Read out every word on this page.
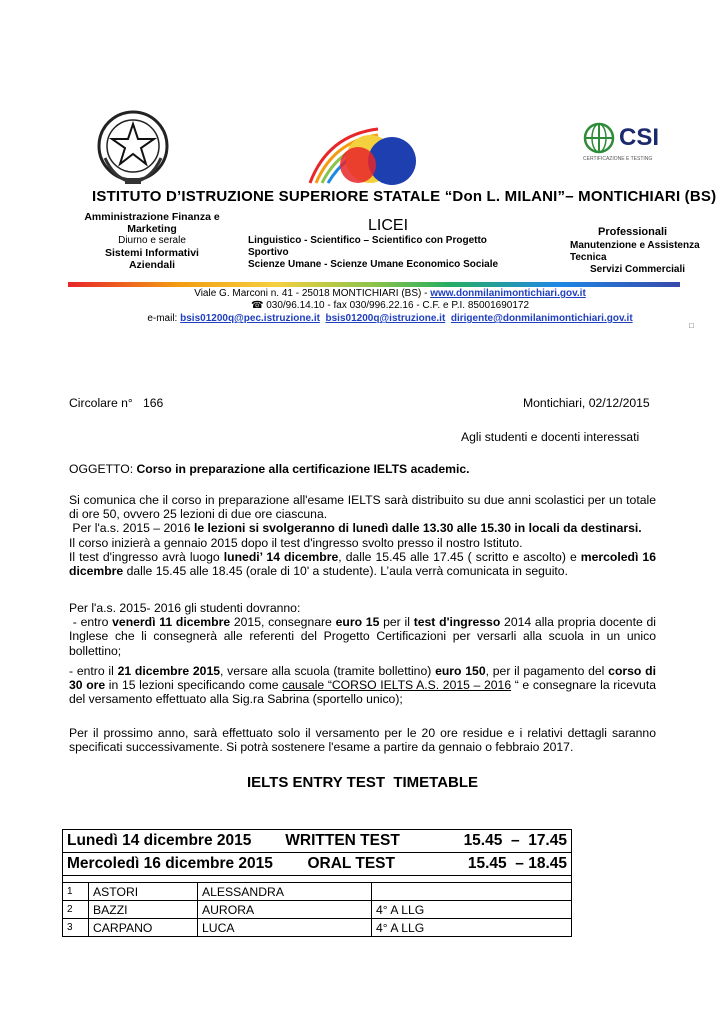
CSI
CERTIFICAZIONE E TESTING
ISTITUTO D’ISTRUZIONE SUPERIORE STATALE “Don L. MILANI”– MONTICHIARI (BS)
Amministrazione Finanza e
Marketing
Diurno e serale
Sistemi Informativi
Aziendali
LICEI
Linguistico - Scientifico – Scientifico con Progetto Sportivo
Scienze Umane - Scienze Umane Economico Sociale
Professionali
Manutenzione e Assistenza Tecnica
Servizi Commerciali
Viale G. Marconi n. 41 - 25018 MONTICHIARI (BS) - www.donmilanimontichiari.gov.it
☎ 030/96.14.10 - fax 030/996.22.16 - C.F. e P.I. 85001690172
e-mail: bsis01200q@pec.istruzione.it bsis01200q@istruzione.it dirigente@donmilanimontichiari.gov.it
□
Circolare n°   166	Montichiari, 02/12/2015
Agli studenti e docenti interessati
OGGETTO: Corso in preparazione alla certificazione IELTS academic.
Si comunica che il corso in preparazione all'esame IELTS sarà distribuito su due anni scolastici per un totale di ore 50, ovvero 25 lezioni di due ore ciascuna.
Per l'a.s. 2015 – 2016 le lezioni si svolgeranno di lunedì dalle 13.30 alle 15.30 in locali da destinarsi.
Il corso inizierà a gennaio 2015 dopo il test d'ingresso svolto presso il nostro Istituto.
Il test d'ingresso avrà luogo lunedi’ 14 dicembre, dalle 15.45 alle 17.45 ( scritto e ascolto) e mercoledì 16 dicembre dalle 15.45 alle 18.45 (orale di 10' a studente). L’aula verrà comunicata in seguito.
Per l'a.s. 2015- 2016 gli studenti dovranno:
- entro venerdì 11 dicembre 2015, consegnare euro 15 per il test d'ingresso 2014 alla propria docente di Inglese che li consegnerà alle referenti del Progetto Certificazioni per versarli alla scuola in un unico bollettino;
- entro il 21 dicembre 2015, versare alla scuola (tramite bollettino) euro 150, per il pagamento del corso di 30 ore in 15 lezioni specificando come causale “CORSO IELTS A.S. 2015 – 2016 “ e consegnare la ricevuta del versamento effettuato alla Sig.ra Sabrina (sportello unico);
Per il prossimo anno, sarà effettuato solo il versamento per le 20 ore residue e i relativi dettagli saranno specificati successivamente. Si potrà sostenere l'esame a partire da gennaio o febbraio 2017.
IELTS ENTRY TEST  TIMETABLE
Lunedì 14 dicembre 2015 WRITTEN TEST 15.45  –  17.45			

Mercoledì 16 dicembre 2015 ORAL TEST 15.45  – 18.45			

1	ASTORI	ALESSANDRA	
2	BAZZI	AURORA	4° A LLG
3	CARPANO	LUCA	4° A LLG
